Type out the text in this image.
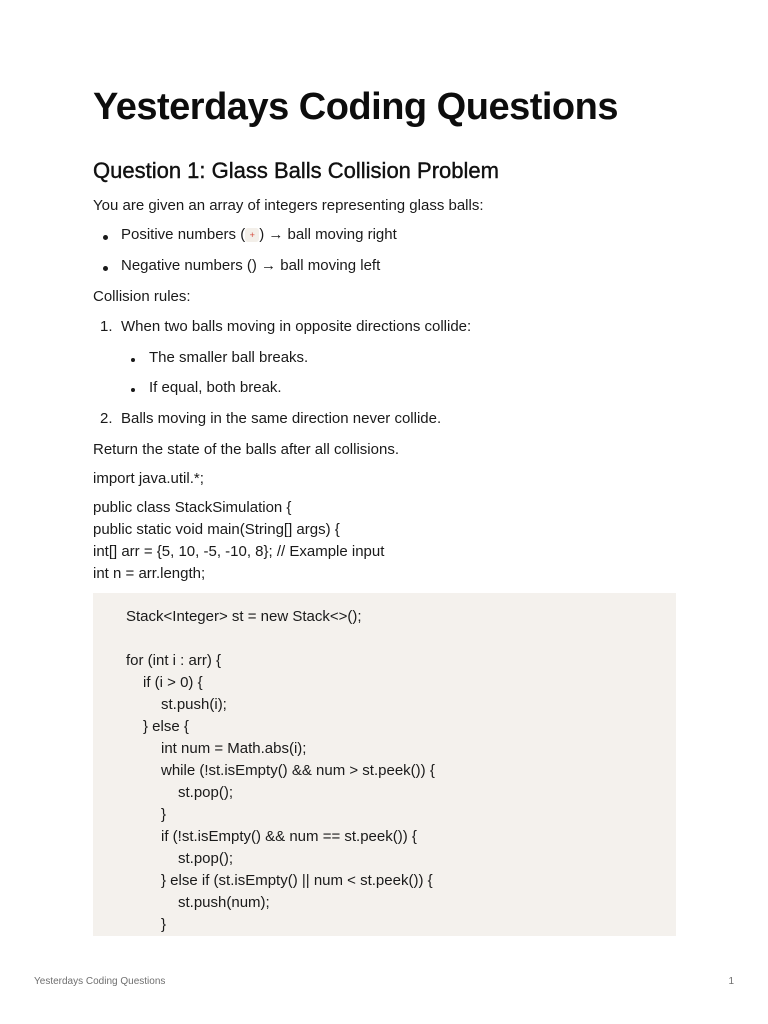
Yesterdays Coding Questions
Question 1: Glass Balls Collision Problem

You are given an array of integers representing glass balls:

Positive numbers ( + ) → ball moving right

Negative numbers () → ball moving left

Collision rules:

1. When two balls moving in opposite directions collide:

The smaller ball breaks.

If equal, both break.

2. Balls moving in the same direction never collide.

Return the state of the balls after all collisions.

import java.util.*;

public class StackSimulation {

public static void main(String[] args) {

int[] arr = {5, 10, -5, -10, 8}; // Example input

int n = arr.length;

Stack<Integer> st = new Stack<>();
for (int i : arr) {
if (i > 0) {
st.push(i);
} else {
int num = Math.abs(i);
while (!st.isEmpty() && num > st.peek()) {
st.pop();
}
if (!st.isEmpty() && num == st.peek()) {
st.pop();
} else if (st.isEmpty() || num < st.peek()) {
st.push(num);
}
Yesterdays Coding Questions	1
